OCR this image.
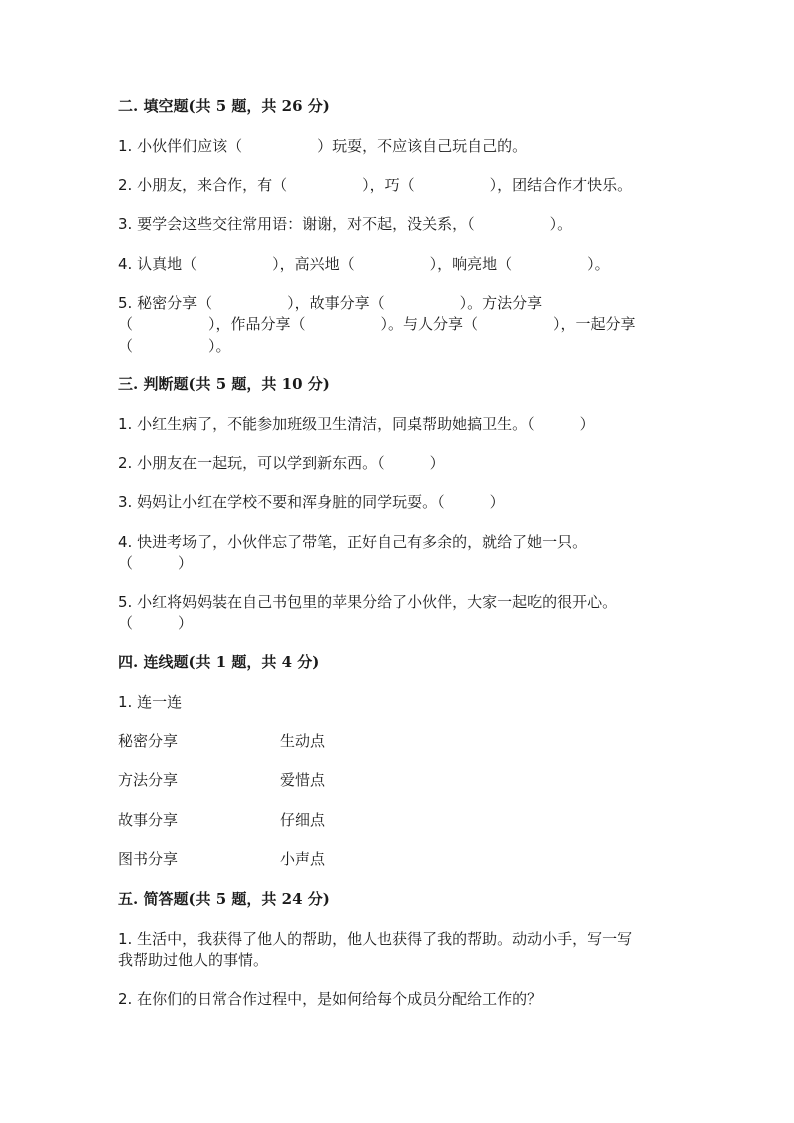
二. 填空题(共 5 题，共 26 分)
1. 小伙伴们应该（　　　　　）玩耍，不应该自己玩自己的。
2. 小朋友，来合作，有（　　　　　），巧（　　　　　），团结合作才快乐。
3. 要学会这些交往常用语：谢谢，对不起，没关系，（　　　　　）。
4. 认真地（　　　　　），高兴地（　　　　　），响亮地（　　　　　）。
5. 秘密分享（　　　　　），故事分享（　　　　　）。方法分享
（　　　　　），作品分享（　　　　　）。与人分享（　　　　　），一起分享
（　　　　　）。
三. 判断题(共 5 题，共 10 分)
1. 小红生病了，不能参加班级卫生清洁，同桌帮助她搞卫生。（　　　）
2. 小朋友在一起玩，可以学到新东西。（　　　）
3. 妈妈让小红在学校不要和浑身脏的同学玩耍。（　　　）
4. 快进考场了，小伙伴忘了带笔，正好自己有多余的，就给了她一只。
（　　　）
5. 小红将妈妈装在自己书包里的苹果分给了小伙伴，大家一起吃的很开心。
（　　　）
四. 连线题(共 1 题，共 4 分)
1. 连一连
秘密分享	生动点
方法分享	爱惜点
故事分享	仔细点
图书分享	小声点
五. 简答题(共 5 题，共 24 分)
1. 生活中，我获得了他人的帮助，他人也获得了我的帮助。动动小手，写一写
我帮助过他人的事情。
2. 在你们的日常合作过程中，是如何给每个成员分配给工作的？
